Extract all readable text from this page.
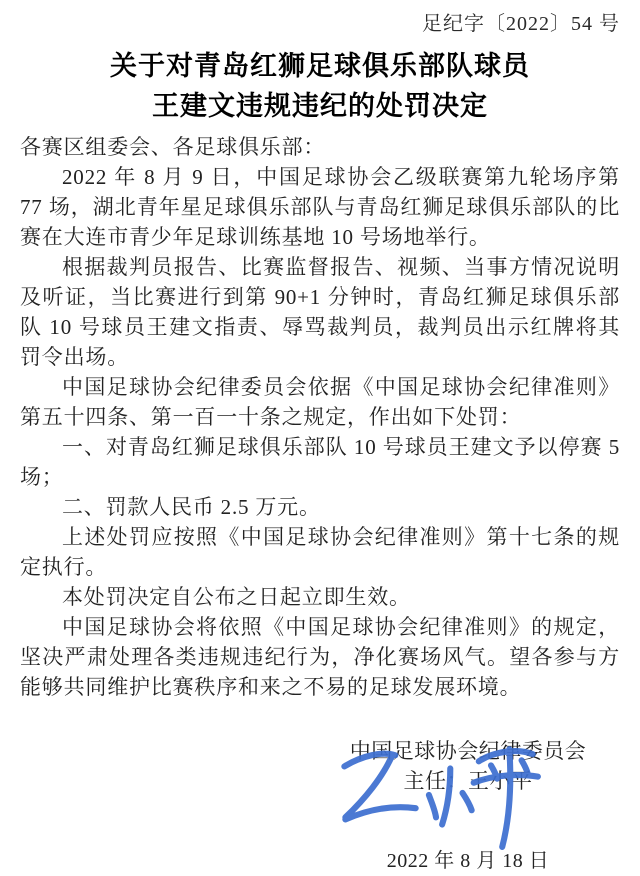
足纪字〔2022〕54 号
关于对青岛红狮足球俱乐部队球员
王建文违规违纪的处罚决定

各赛区组委会、各足球俱乐部：

2022 年 8 月 9 日，中国足球协会乙级联赛第九轮场序第 77 场，湖北青年星足球俱乐部队与青岛红狮足球俱乐部队的比赛在大连市青少年足球训练基地 10 号场地举行。

根据裁判员报告、比赛监督报告、视频、当事方情况说明及听证，当比赛进行到第 90+1 分钟时，青岛红狮足球俱乐部队 10 号球员王建文指责、辱骂裁判员，裁判员出示红牌将其罚令出场。

中国足球协会纪律委员会依据《中国足球协会纪律准则》第五十四条、第一百一十条之规定，作出如下处罚：

一、对青岛红狮足球俱乐部队 10 号球员王建文予以停赛 5 场；

二、罚款人民币 2.5 万元。

上述处罚应按照《中国足球协会纪律准则》第十七条的规定执行。

本处罚决定自公布之日起立即生效。

中国足球协会将依照《中国足球协会纪律准则》的规定，坚决严肃处理各类违规违纪行为，净化赛场风气。望各参与方能够共同维护比赛秩序和来之不易的足球发展环境。

中国足球协会纪律委员会
主任：王小平
2022 年 8 月 18 日
